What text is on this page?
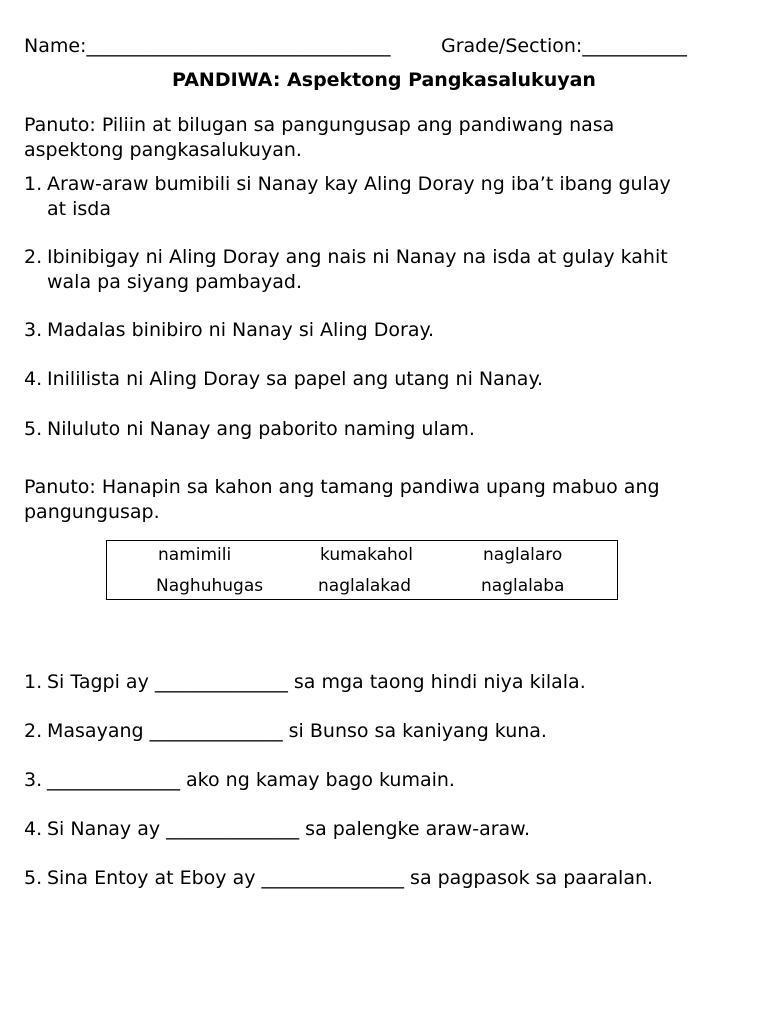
Name:________________________________	Grade/Section:___________
PANDIWA: Aspektong Pangkasalukuyan
Panuto: Piliin at bilugan sa pangungusap ang pandiwang nasa
aspektong pangkasalukuyan.
1. Araw-araw bumibili si Nanay kay Aling Doray ng iba’t ibang gulay
at isda
2. Ibinibigay ni Aling Doray ang nais ni Nanay na isda at gulay kahit
wala pa siyang pambayad.
3. Madalas binibiro ni Nanay si Aling Doray.
4. Inililista ni Aling Doray sa papel ang utang ni Nanay.
5. Niluluto ni Nanay ang paborito naming ulam.
Panuto: Hanapin sa kahon ang tamang pandiwa upang mabuo ang
pangungusap.
namimili	kumakahol	naglalaro
Naghuhugas	naglalakad	naglalaba
1. Si Tagpi ay ______________ sa mga taong hindi niya kilala.
2. Masayang ______________ si Bunso sa kaniyang kuna.
3. ______________ ako ng kamay bago kumain.
4. Si Nanay ay ______________ sa palengke araw-araw.
5. Sina Entoy at Eboy ay _______________ sa pagpasok sa paaralan.
